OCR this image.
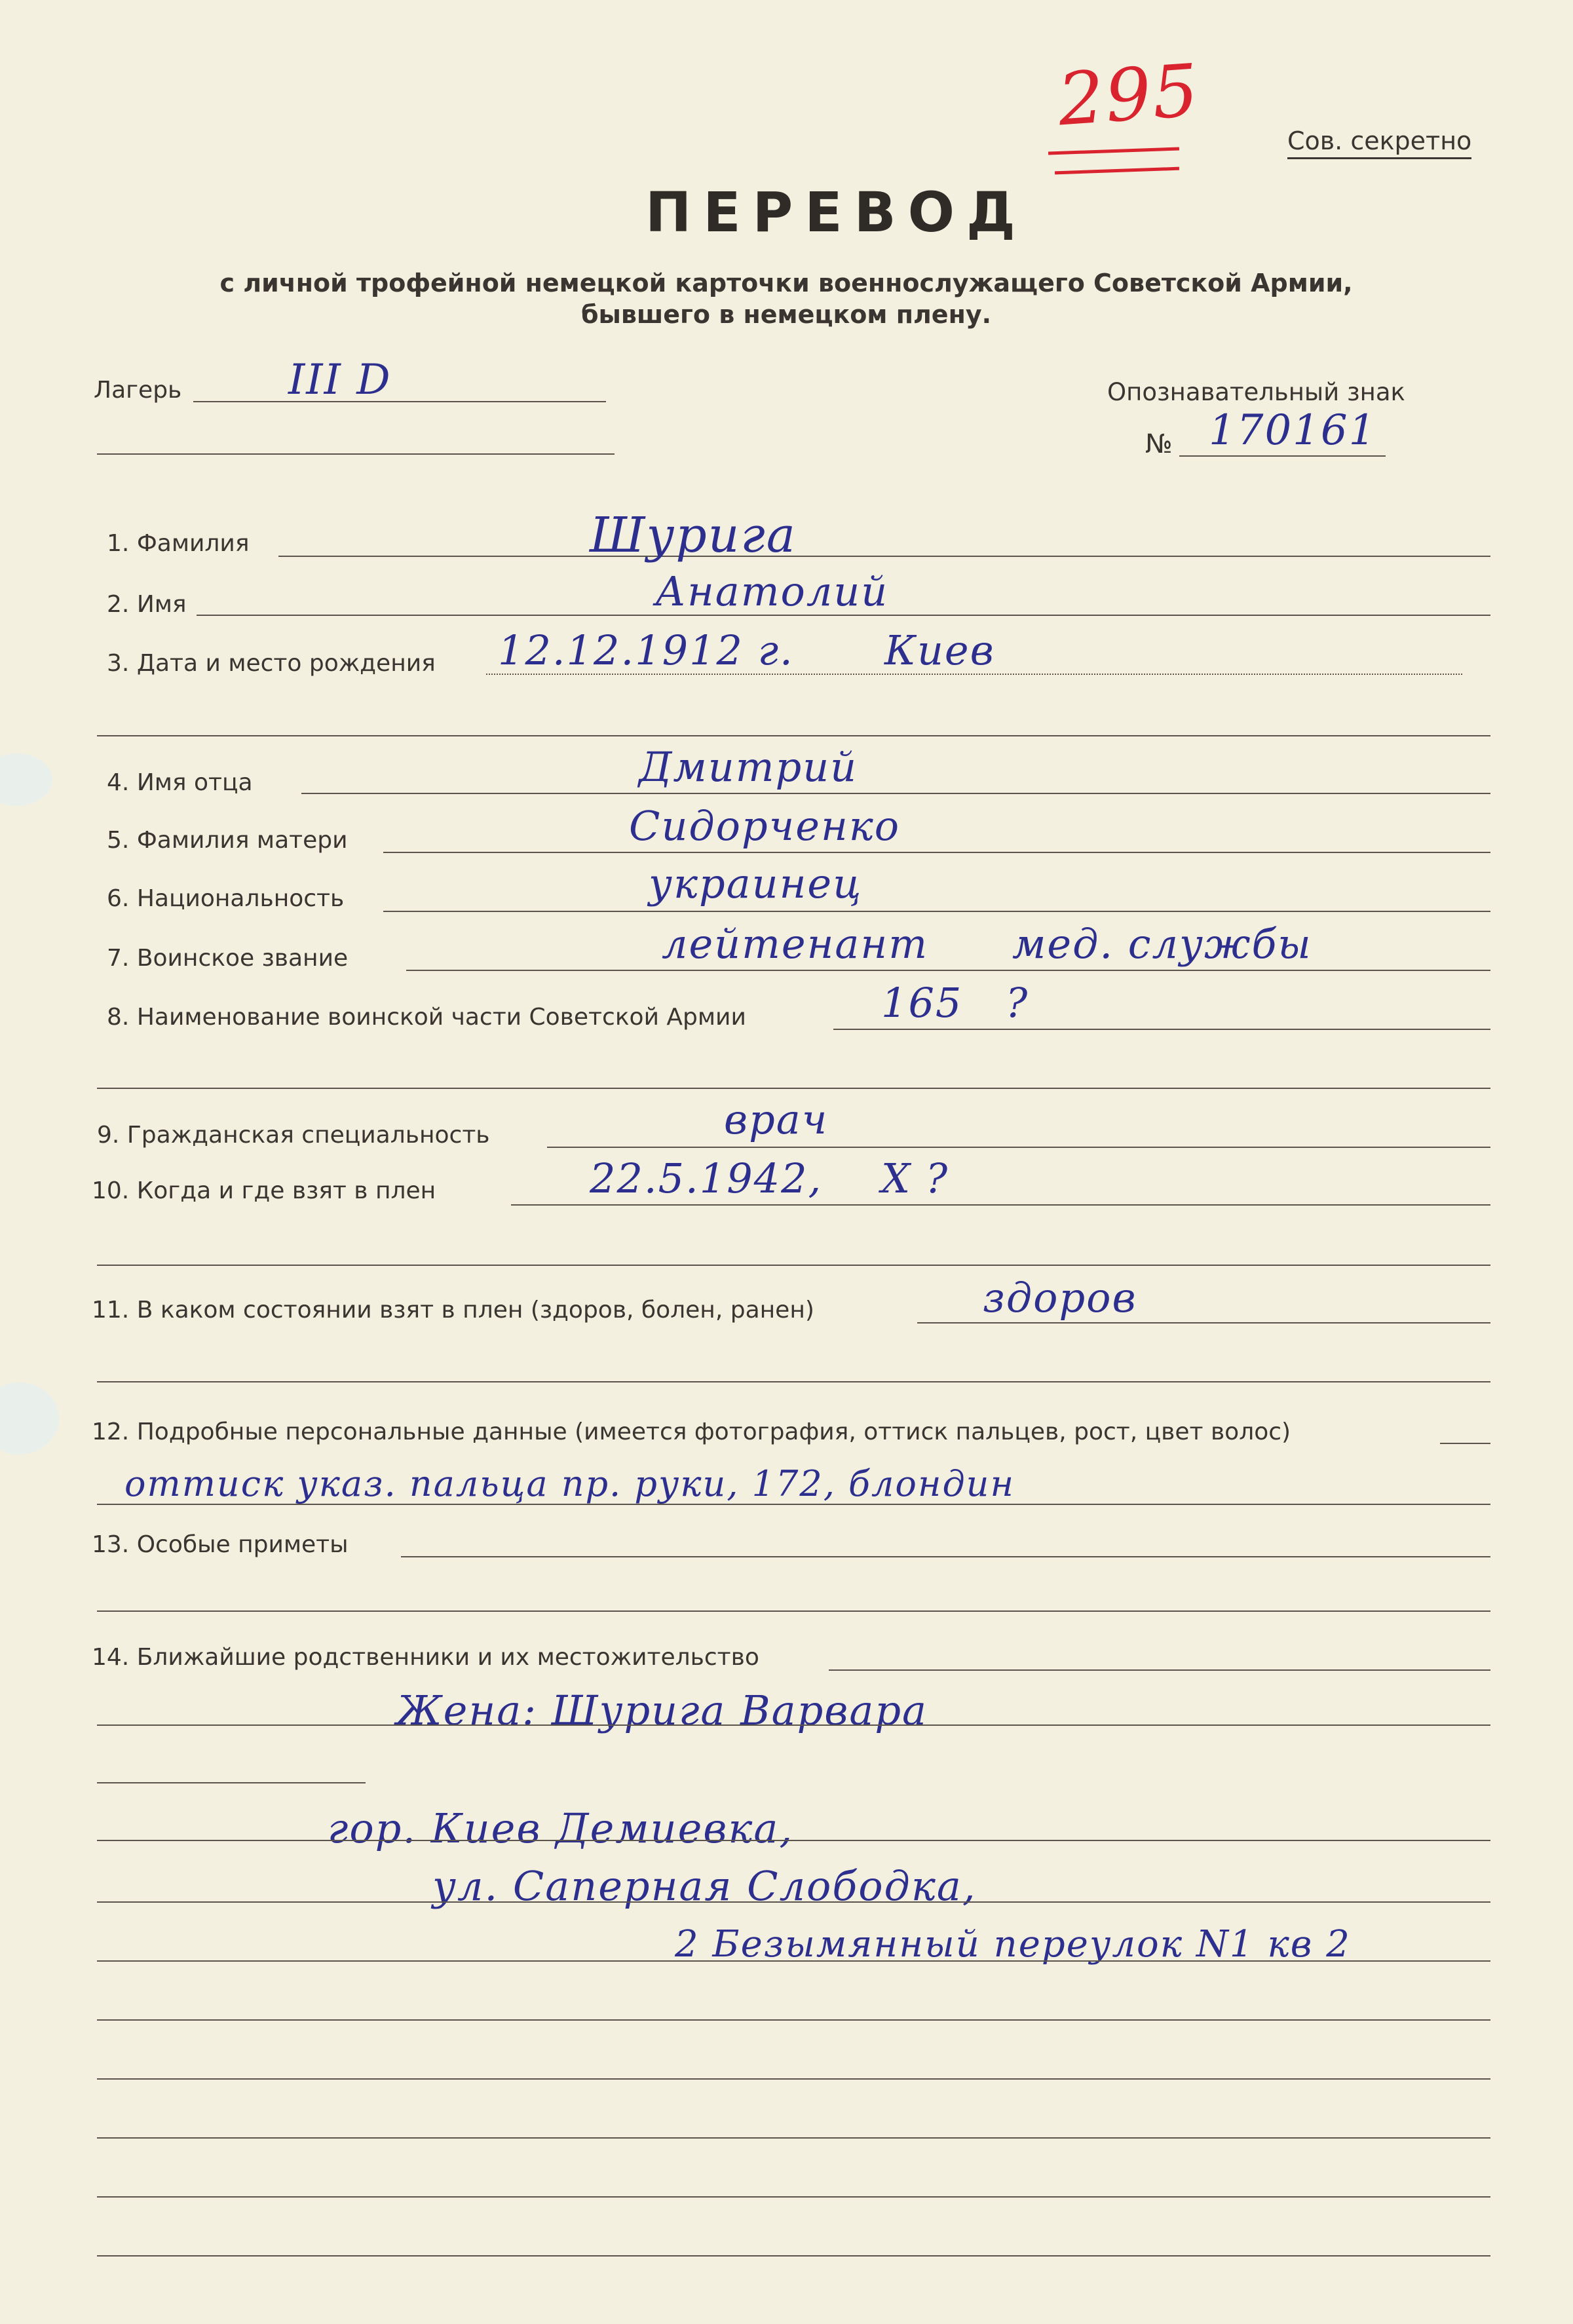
295	Сов. секретно
ПЕРЕВОД
с личной трофейной немецкой карточки военнослужащего Советской Армии,
бывшего в немецком плену.
Лагерь	III D	Опознавательный знак
№ 170161
1. Фамилия	Шурига
2. Имя	Анатолий
3. Дата и место рождения 12.12.1912 г. Киев
4. Имя отца	Дмитрий
5. Фамилия матери	Сидорченко
6. Национальность	украинец
7. Воинское звание	лейтенант мед. службы
8. Наименование воинской части Советской Армии	165 ?
9. Гражданская специальность	врач
10. Когда и где взят в плен	22.5.1942, Х ?
11. В каком состоянии взят в плен (здоров, болен, ранен)	здоров
12. Подробные персональные данные (имеется фотография, оттиск пальцев, рост, цвет волос)
оттиск указ. пальца пр. руки, 172, блондин
13. Особые приметы
14. Ближайшие родственники и их местожительство
Жена: Шурига Варвара
гор. Киев Демиевка,
ул. Саперная Слободка,
2 Безымянный переулок N1 кв 2
